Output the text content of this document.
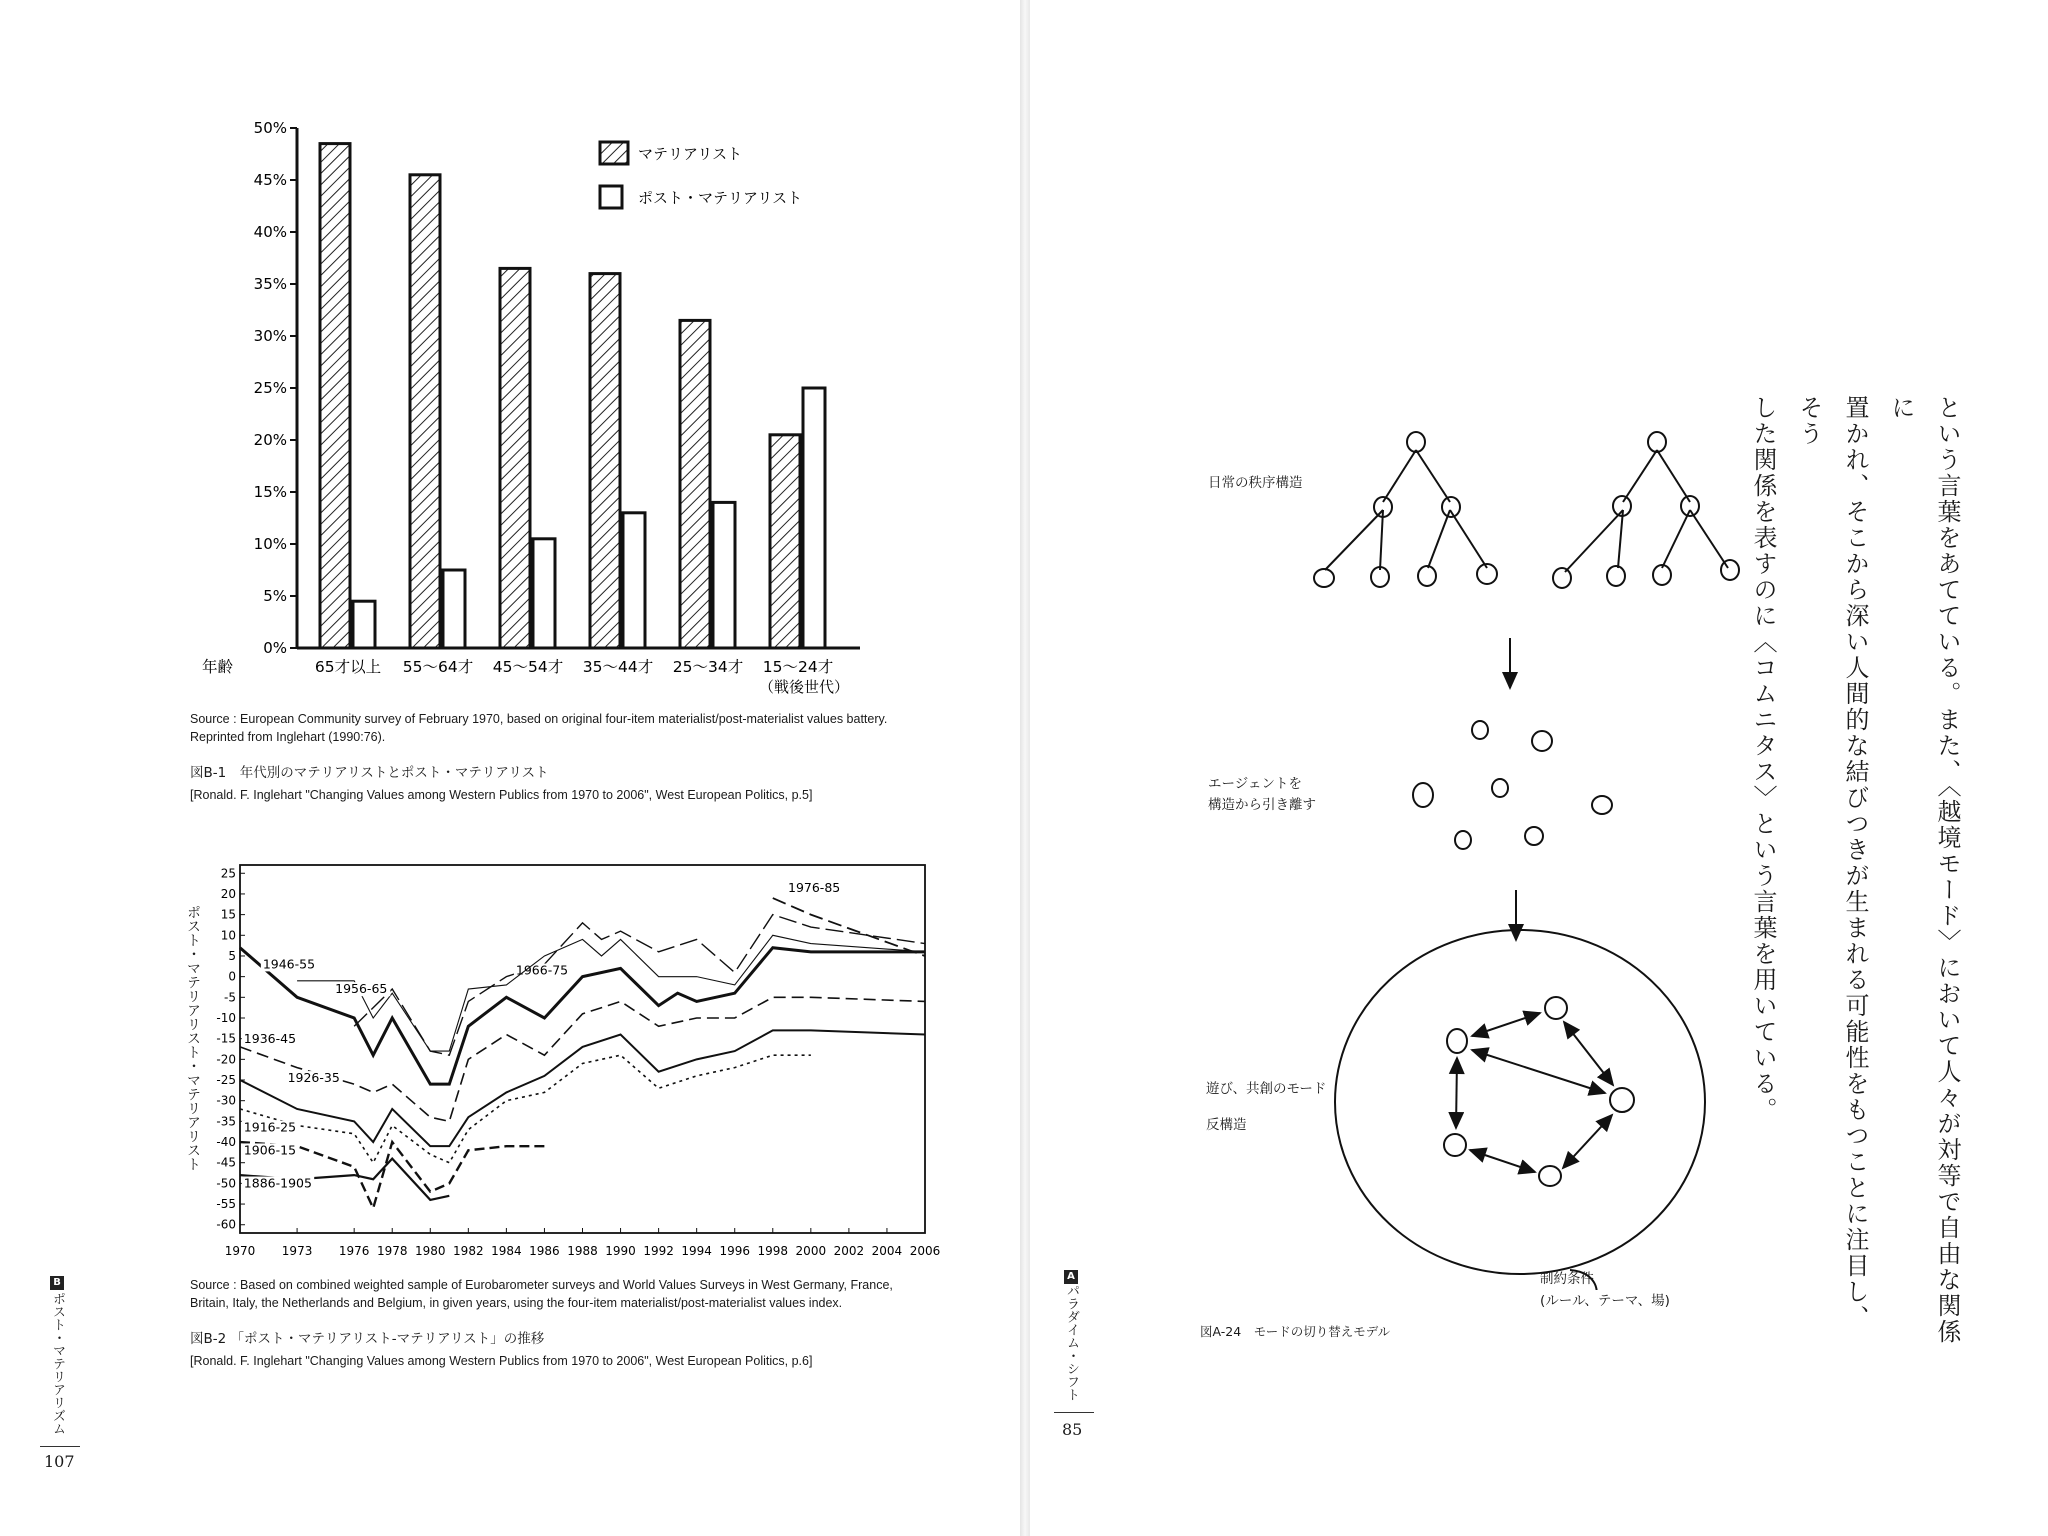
0%
5%
10%
15%
20%
25%
30%
35%
40%
45%
50%
65才以上 55〜64才 45〜54才 35〜44才 25〜34才 15〜24才
年齢
（戦後世代）
マテリアリスト
ポスト・マテリアリスト
Source : European Community survey of February 1970, based on original four-item materialist/post-materialist values battery. Reprinted from Inglehart (1990:76).
図B-1　年代別のマテリアリストとポスト・マテリアリスト
[Ronald. F. Inglehart "Changing Values among Western Publics from 1970 to 2006", West European Politics, p.5]
25
20
15
10
5
0
-5
-10
-15
-20
-25
-30
-35
-40
-45
-50
-55
-60
1970 1973 1976 1978 1980 1982 1984 1986 1988 1990 1992 1994 1996 1998 2000 2002 2004 2006
1976-85
1966-75
1956-65
1946-55
1936-45
1926-35
1916-25
1906-15
1886-1905
ポスト・マテリアリスト・マテリアリスト
Source : Based on combined weighted sample of Eurobarometer surveys and World Values Surveys in West Germany, France, Britain, Italy, the Netherlands and Belgium, in given years, using the four-item materialist/post-materialist values index.
図B-2 「ポスト・マテリアリスト-マテリアリスト」の推移
[Ronald. F. Inglehart "Changing Values among Western Publics from 1970 to 2006", West European Politics, p.6]
B
ポスト・マテリアリズム
107
日常の秩序構造
エージェントを
構造から引き離す
遊び、共創のモード
反構造
制約条件
(ルール、テーマ、場)
図A-24　モードの切り替えモデル	という言葉をあてている。また、〈越境モード〉において人々が対等で自由な関係に

置かれ、そこから深い人間的な結びつきが生まれる可能性をもつことに注目し、そう

した関係を表すのに〈コムニタス〉という言葉を用いている。

A
パラダイム・シフト
85
